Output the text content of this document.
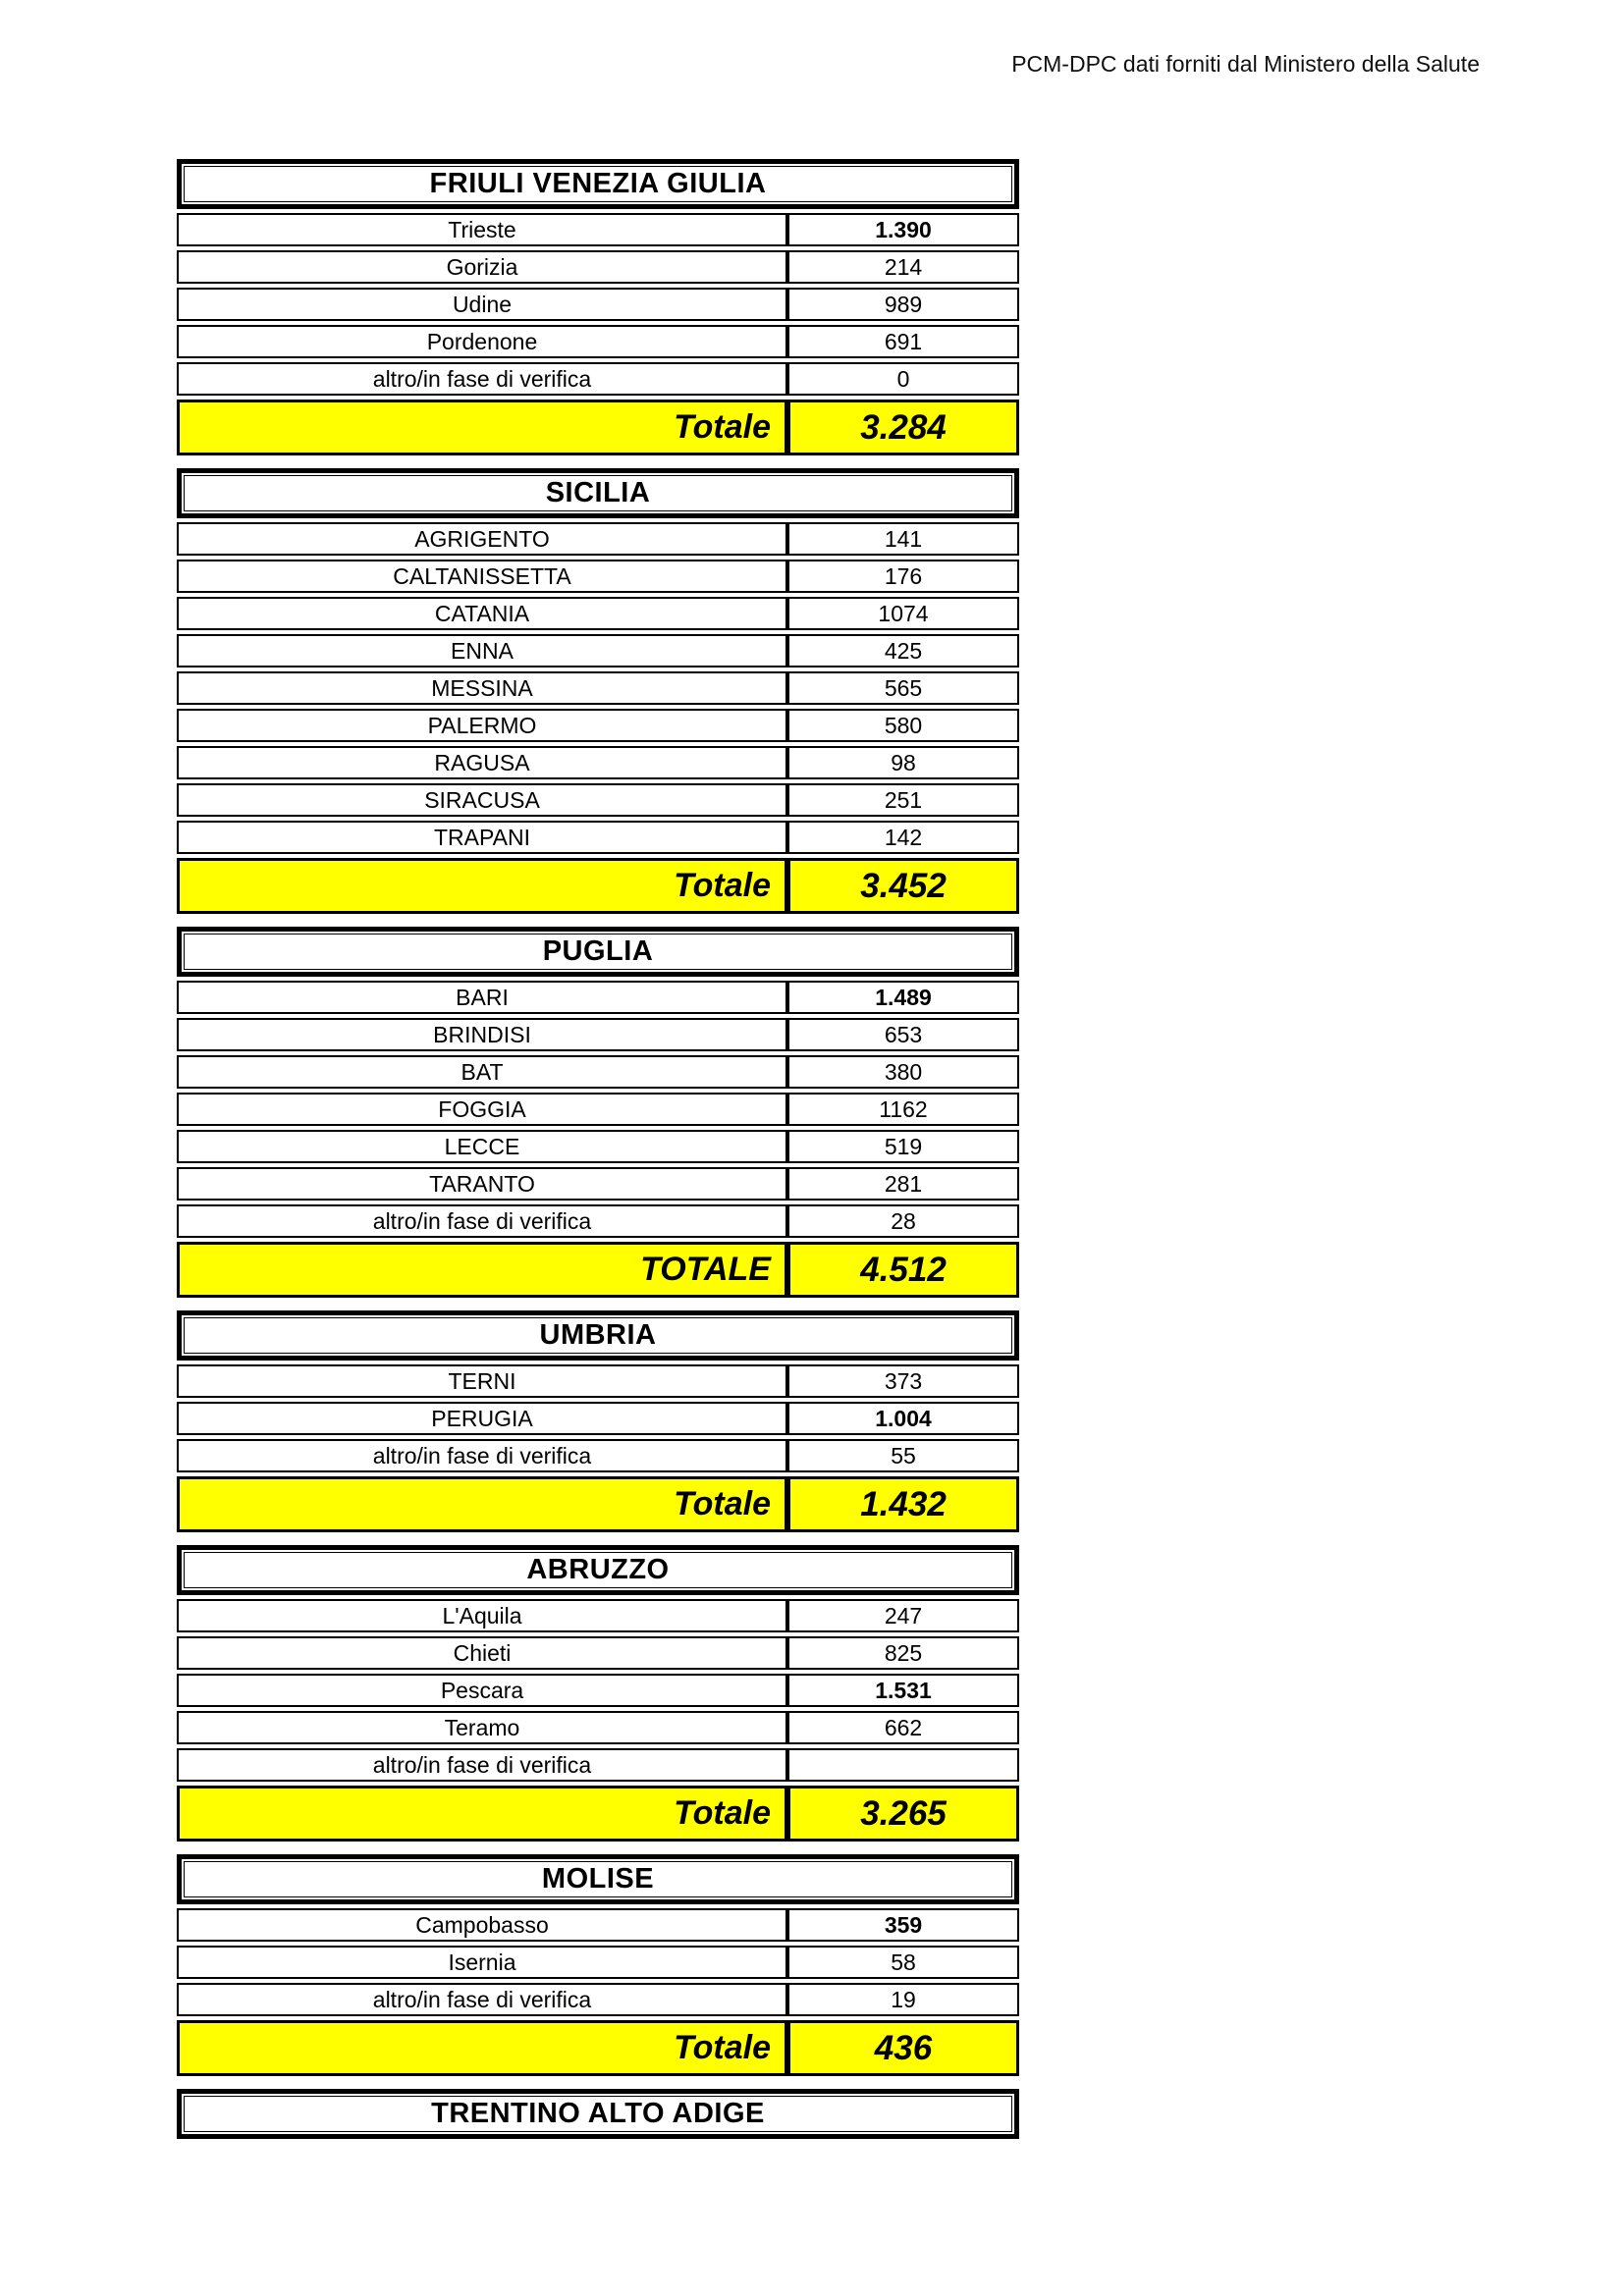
PCM-DPC dati forniti dal Ministero della Salute
FRIULI VENEZIA GIULIA
Trieste	1.390
Gorizia	214
Udine	989
Pordenone	691
altro/in fase di verifica	0
Totale	3.284
SICILIA
AGRIGENTO	141
CALTANISSETTA	176
CATANIA	1074
ENNA	425
MESSINA	565
PALERMO	580
RAGUSA	98
SIRACUSA	251
TRAPANI	142
Totale	3.452
PUGLIA
BARI	1.489
BRINDISI	653
BAT	380
FOGGIA	1162
LECCE	519
TARANTO	281
altro/in fase di verifica	28
TOTALE	4.512
UMBRIA
TERNI	373
PERUGIA	1.004
altro/in fase di verifica	55
Totale	1.432
ABRUZZO
L'Aquila	247
Chieti	825
Pescara	1.531
Teramo	662
altro/in fase di verifica
Totale	3.265
MOLISE
Campobasso	359
Isernia	58
altro/in fase di verifica	19
Totale	436
TRENTINO ALTO ADIGE
